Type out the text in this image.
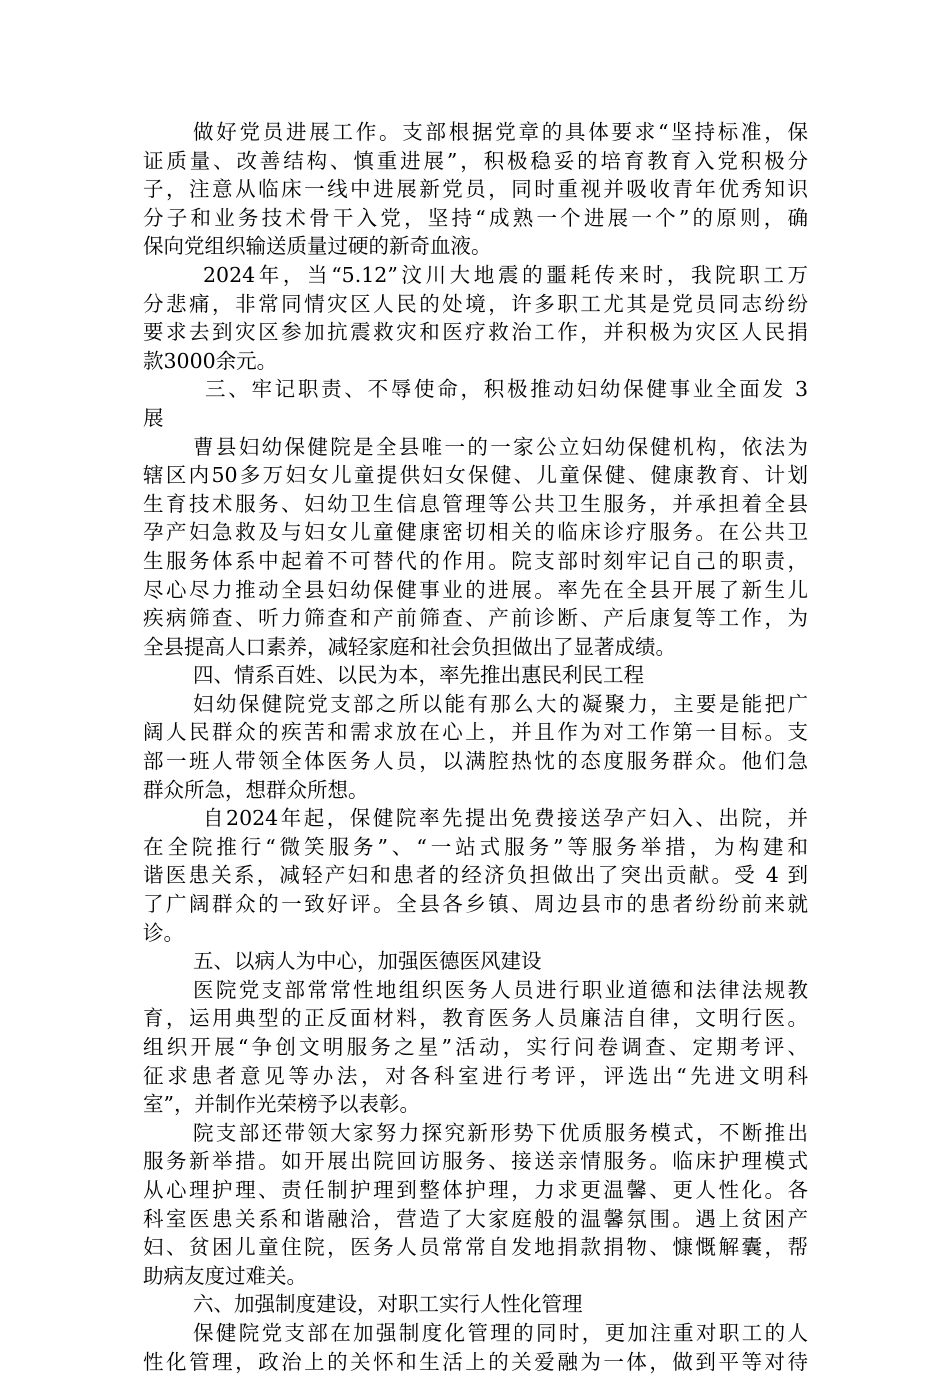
做好党员进展工作。支部根据党章的具体要求“坚持标准，保
证质量、改善结构、慎重进展”，积极稳妥的培育教育入党积极分
子，注意从临床一线中进展新党员，同时重视并吸收青年优秀知识
分子和业务技术骨干入党，坚持“成熟一个进展一个”的原则，确
保向党组织输送质量过硬的新奇血液。
2024年，当“5.12”汶川大地震的噩耗传来时，我院职工万
分悲痛，非常同情灾区人民的处境，许多职工尤其是党员同志纷纷
要求去到灾区参加抗震救灾和医疗救治工作，并积极为灾区人民捐
款3000余元。
三、牢记职责、不辱使命，积极推动妇幼保健事业全面发 3
展
曹县妇幼保健院是全县唯一的一家公立妇幼保健机构，依法为
辖区内50多万妇女儿童提供妇女保健、儿童保健、健康教育、计划
生育技术服务、妇幼卫生信息管理等公共卫生服务，并承担着全县
孕产妇急救及与妇女儿童健康密切相关的临床诊疗服务。在公共卫
生服务体系中起着不可替代的作用。院支部时刻牢记自己的职责，
尽心尽力推动全县妇幼保健事业的进展。率先在全县开展了新生儿
疾病筛查、听力筛查和产前筛查、产前诊断、产后康复等工作，为
全县提高人口素养，减轻家庭和社会负担做出了显著成绩。
四、情系百姓、以民为本，率先推出惠民利民工程
妇幼保健院党支部之所以能有那么大的凝聚力，主要是能把广
阔人民群众的疾苦和需求放在心上，并且作为对工作第一目标。支
部一班人带领全体医务人员，以满腔热忱的态度服务群众。他们急
群众所急，想群众所想。
自2024年起，保健院率先提出免费接送孕产妇入、出院，并
在全院推行“微笑服务”、“一站式服务”等服务举措，为构建和
谐医患关系，减轻产妇和患者的经济负担做出了突出贡献。受 4 到
了广阔群众的一致好评。全县各乡镇、周边县市的患者纷纷前来就
诊。
五、以病人为中心，加强医德医风建设
医院党支部常常性地组织医务人员进行职业道德和法律法规教
育，运用典型的正反面材料，教育医务人员廉洁自律，文明行医。
组织开展“争创文明服务之星”活动，实行问卷调查、定期考评、
征求患者意见等办法，对各科室进行考评，评选出“先进文明科
室”，并制作光荣榜予以表彰。
院支部还带领大家努力探究新形势下优质服务模式，不断推出
服务新举措。如开展出院回访服务、接送亲情服务。临床护理模式
从心理护理、责任制护理到整体护理，力求更温馨、更人性化。各
科室医患关系和谐融洽，营造了大家庭般的温馨氛围。遇上贫困产
妇、贫困儿童住院，医务人员常常自发地捐款捐物、慷慨解囊，帮
助病友度过难关。
六、加强制度建设，对职工实行人性化管理
保健院党支部在加强制度化管理的同时，更加注重对职工的人
性化管理，政治上的关怀和生活上的关爱融为一体，做到平等对待
